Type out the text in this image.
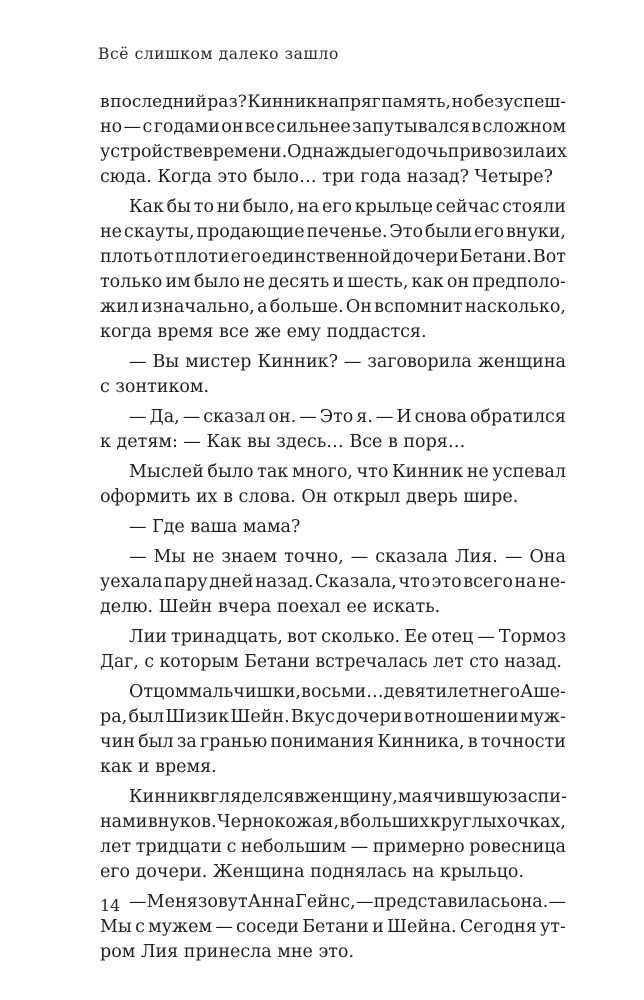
Всё слишком далеко зашло
в последний раз? Кинник напряг память, но безуспеш-
но — с годами он все сильнее запутывался в сложном
устройстве времени. Однажды его дочь привозила их
сюда. Когда это было… три года назад? Четыре?
Как бы то ни было, на его крыльце сейчас стояли
не скауты, продающие печенье. Это были его внуки,
плоть от плоти его единственной дочери Бетани. Вот
только им было не десять и шесть, как он предполо-
жил изначально, а больше. Он вспомнит насколько,
когда время все же ему поддастся.
— Вы мистер Кинник? — заговорила женщина
с зонтиком.
— Да, — сказал он. — Это я. — И снова обратился
к детям: — Как вы здесь… Все в поря…
Мыслей было так много, что Кинник не успевал
оформить их в слова. Он открыл дверь шире.
— Где ваша мама?
— Мы не знаем точно, — сказала Лия. — Она
уехала пару дней назад. Сказала, что это всего на не-
делю. Шейн вчера поехал ее искать.
Лии тринадцать, вот сколько. Ее отец — Тормоз
Даг, с которым Бетани встречалась лет сто назад.
Отцом мальчишки, восьми… девятилетнего Аше-
ра, был Шизик Шейн. Вкус дочери в отношении муж-
чин был за гранью понимания Кинника, в точности
как и время.
Кинник вгляделся в женщину, маячившую за спи-
нами внуков. Чернокожая, в больших круглых очках,
лет тридцати с небольшим — примерно ровесница
его дочери. Женщина поднялась на крыльцо.
— Меня зовут Анна Гейнс, — представилась она. —
Мы с мужем — соседи Бетани и Шейна. Сегодня ут-
ром Лия принесла мне это.
14
